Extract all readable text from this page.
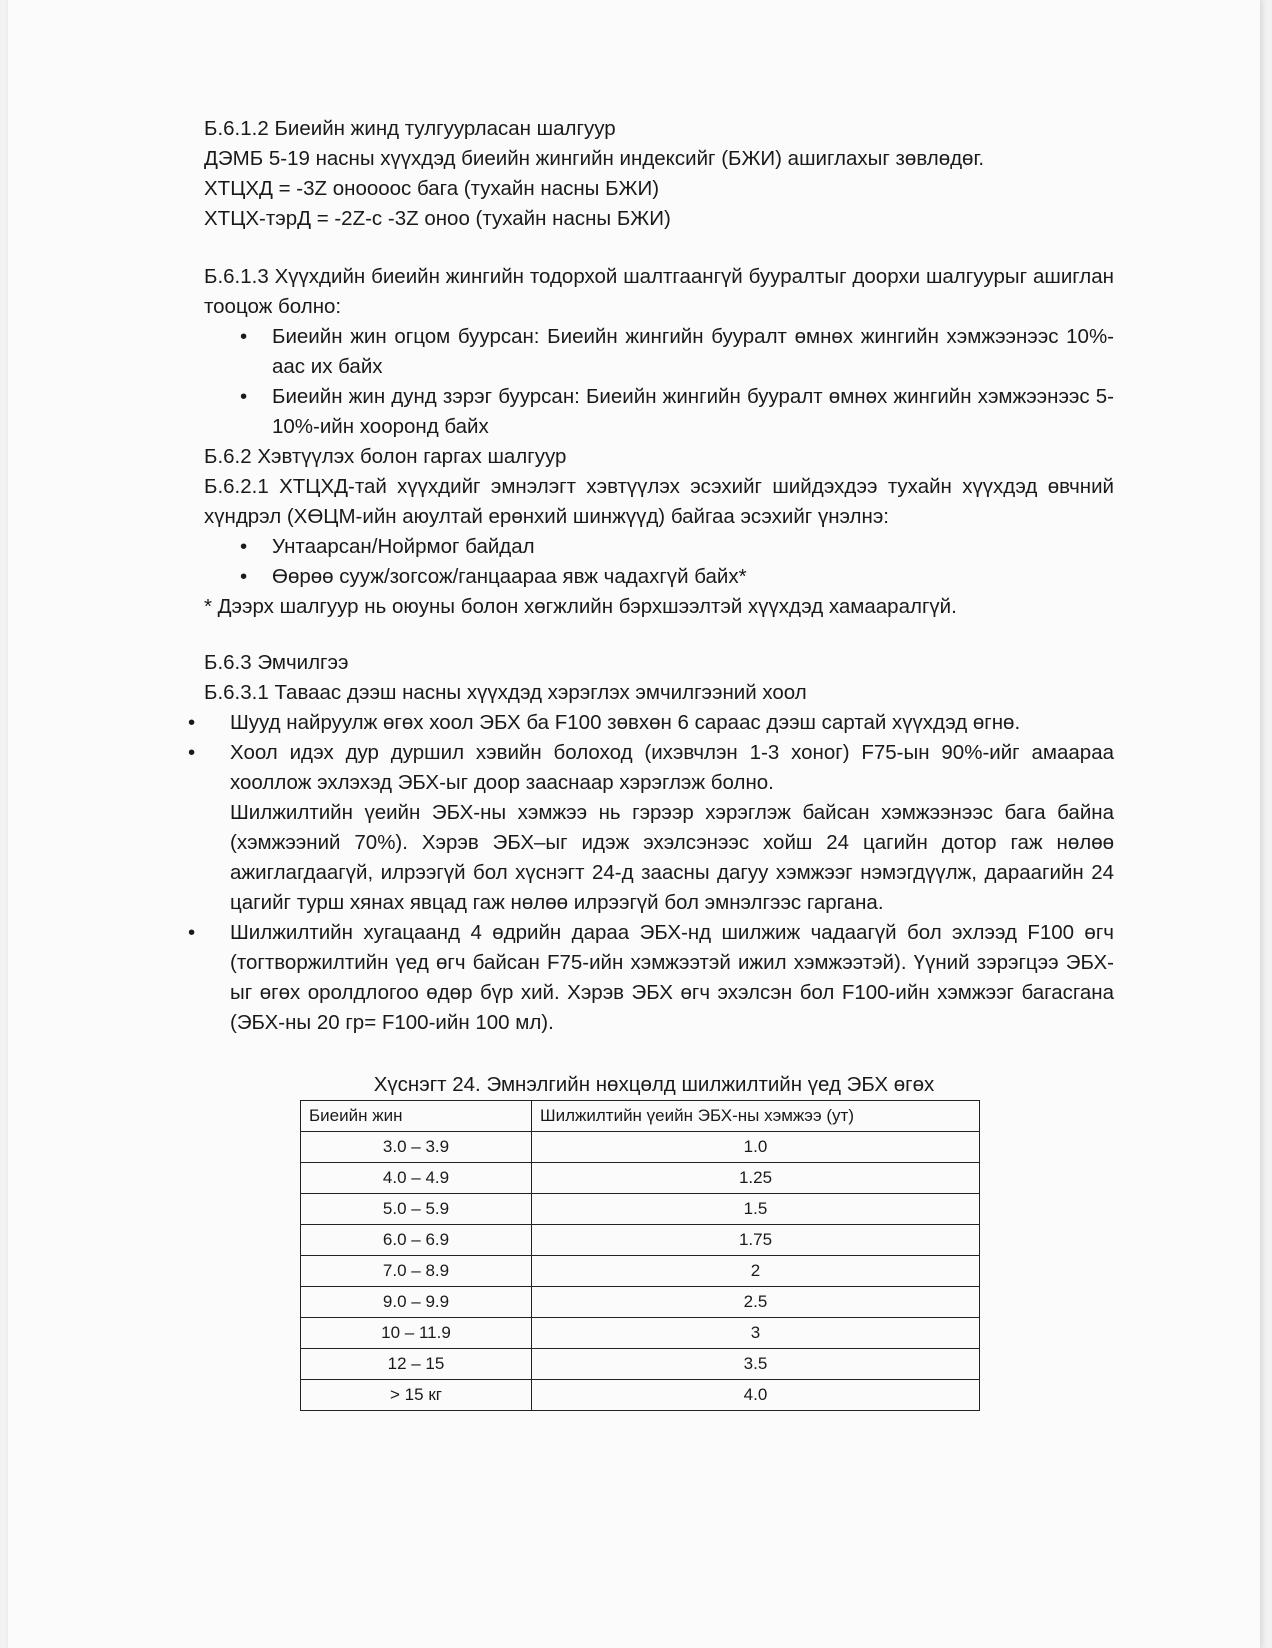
Б.6.1.2 Биеийн жинд тулгуурласан шалгуур

ДЭМБ 5-19 насны хүүхдэд биеийн жингийн индексийг (БЖИ) ашиглахыг зөвлөдөг.

ХТЦХД = -3Z оноооос бага (тухайн насны БЖИ)

ХТЦХ-тэрД = -2Z-с -3Z оноо (тухайн насны БЖИ)

Б.6.1.3 Хүүхдийн биеийн жингийн тодорхой шалтгаангүй бууралтыг доорхи шалгуурыг ашиглан тооцож болно:

• Биеийн жин огцом буурсан: Биеийн жингийн бууралт өмнөх жингийн хэмжээнээс 10%-аас их байх
• Биеийн жин дунд зэрэг буурсан: Биеийн жингийн бууралт өмнөх жингийн хэмжээнээс 5-10%-ийн хооронд байх

Б.6.2 Хэвтүүлэх болон гаргах шалгуур

Б.6.2.1 ХТЦХД-тай хүүхдийг эмнэлэгт хэвтүүлэх эсэхийг шийдэхдээ тухайн хүүхдэд өвчний хүндрэл (ХӨЦМ-ийн аюултай ерөнхий шинжүүд) байгаа эсэхийг үнэлнэ:

• Унтаарсан/Нойрмог байдал
• Өөрөө сууж/зогсож/ганцаараа явж чадахгүй байх*

* Дээрх шалгуур нь оюуны болон хөгжлийн бэрхшээлтэй хүүхдэд хамааралгүй.

Б.6.3 Эмчилгээ

Б.6.3.1 Таваас дээш насны хүүхдэд хэрэглэх эмчилгээний хоол

• Шууд найруулж өгөх хоол ЭБХ ба F100 зөвхөн 6 сараас дээш сартай хүүхдэд өгнө.
• Хоол идэх дур дуршил хэвийн болоход (ихэвчлэн 1-3 хоног) F75-ын 90%-ийг амаараа хооллож эхлэхэд ЭБХ-ыг доор зааснаар хэрэглэж болно.

Шилжилтийн үеийн ЭБХ-ны хэмжээ нь гэрээр хэрэглэж байсан хэмжээнээс бага байна (хэмжээний 70%). Хэрэв ЭБХ–ыг идэж эхэлсэнээс хойш 24 цагийн дотор гаж нөлөө ажиглагдаагүй, илрээгүй бол хүснэгт 24-д заасны дагуу хэмжээг нэмэгдүүлж, дараагийн 24 цагийг турш хянах явцад гаж нөлөө илрээгүй бол эмнэлгээс гаргана.

• Шилжилтийн хугацаанд 4 өдрийн дараа ЭБХ-нд шилжиж чадаагүй бол эхлээд F100 өгч (тогтворжилтийн үед өгч байсан F75-ийн хэмжээтэй ижил хэмжээтэй). Үүний зэрэгцээ ЭБХ-ыг өгөх оролдлогоо өдөр бүр хий. Хэрэв ЭБХ өгч эхэлсэн бол F100-ийн хэмжээг багасгана (ЭБХ-ны 20 гр= F100-ийн 100 мл).

Хүснэгт 24. Эмнэлгийн нөхцөлд шилжилтийн үед ЭБХ өгөх

Биеийн жин	Шилжилтийн үеийн ЭБХ-ны хэмжээ (ут)
3.0 – 3.9	1.0
4.0 – 4.9	1.25
5.0 – 5.9	1.5
6.0 – 6.9	1.75
7.0 – 8.9	2
9.0 – 9.9	2.5
10 – 11.9	3
12 – 15	3.5
> 15 кг	4.0
